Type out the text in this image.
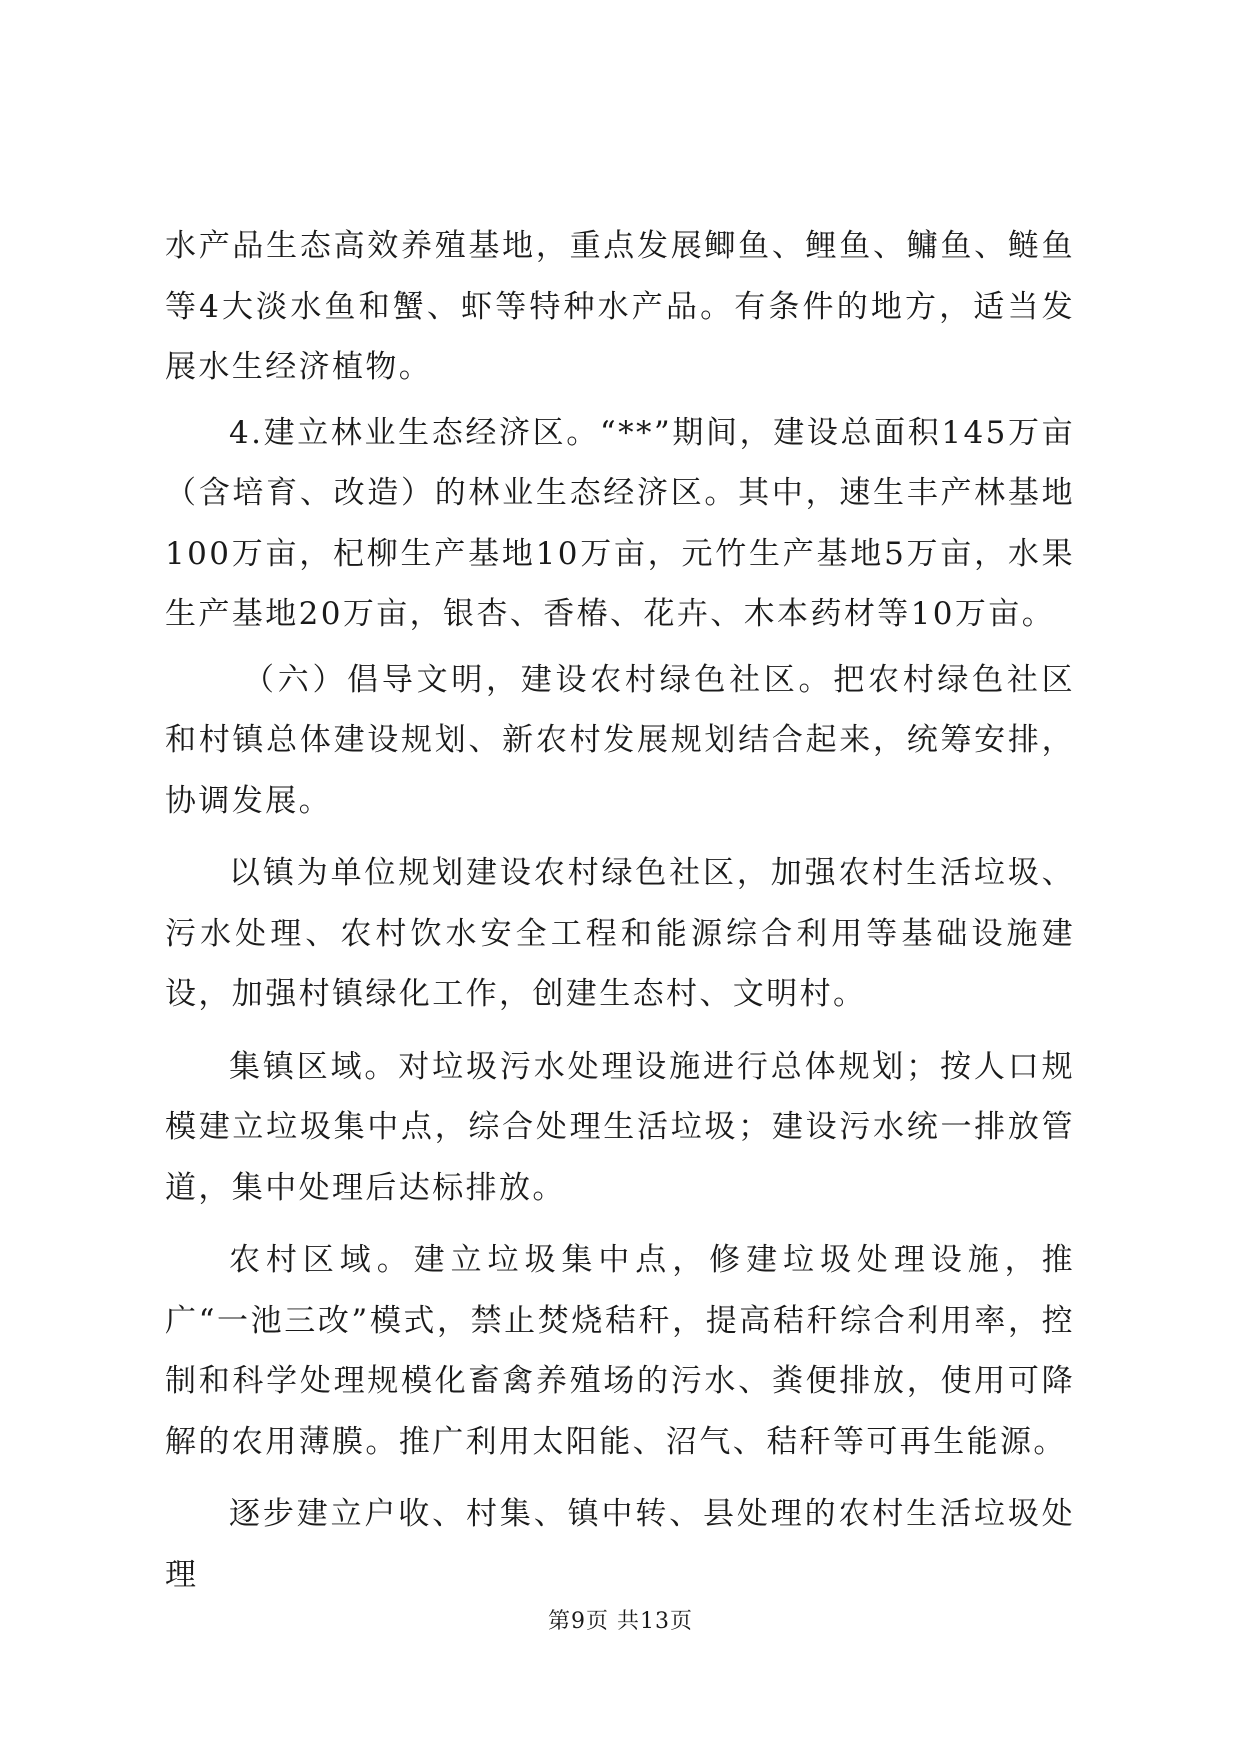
水产品生态高效养殖基地，重点发展鲫鱼、鲤鱼、鳙鱼、鲢鱼等4大淡水鱼和蟹、虾等特种水产品。有条件的地方，适当发展水生经济植物。

4.建立林业生态经济区。“**”期间，建设总面积145万亩（含培育、改造）的林业生态经济区。其中，速生丰产林基地100万亩，杞柳生产基地10万亩，元竹生产基地5万亩，水果生产基地20万亩，银杏、香椿、花卉、木本药材等10万亩。

（六）倡导文明，建设农村绿色社区。把农村绿色社区和村镇总体建设规划、新农村发展规划结合起来，统筹安排，协调发展。

以镇为单位规划建设农村绿色社区，加强农村生活垃圾、污水处理、农村饮水安全工程和能源综合利用等基础设施建设，加强村镇绿化工作，创建生态村、文明村。

集镇区域。对垃圾污水处理设施进行总体规划；按人口规模建立垃圾集中点，综合处理生活垃圾；建设污水统一排放管道，集中处理后达标排放。

农村区域。建立垃圾集中点，修建垃圾处理设施，推广“一池三改”模式，禁止焚烧秸秆，提高秸秆综合利用率，控制和科学处理规模化畜禽养殖场的污水、粪便排放，使用可降解的农用薄膜。推广利用太阳能、沼气、秸秆等可再生能源。

逐步建立户收、村集、镇中转、县处理的农村生活垃圾处理

第9页 共13页
